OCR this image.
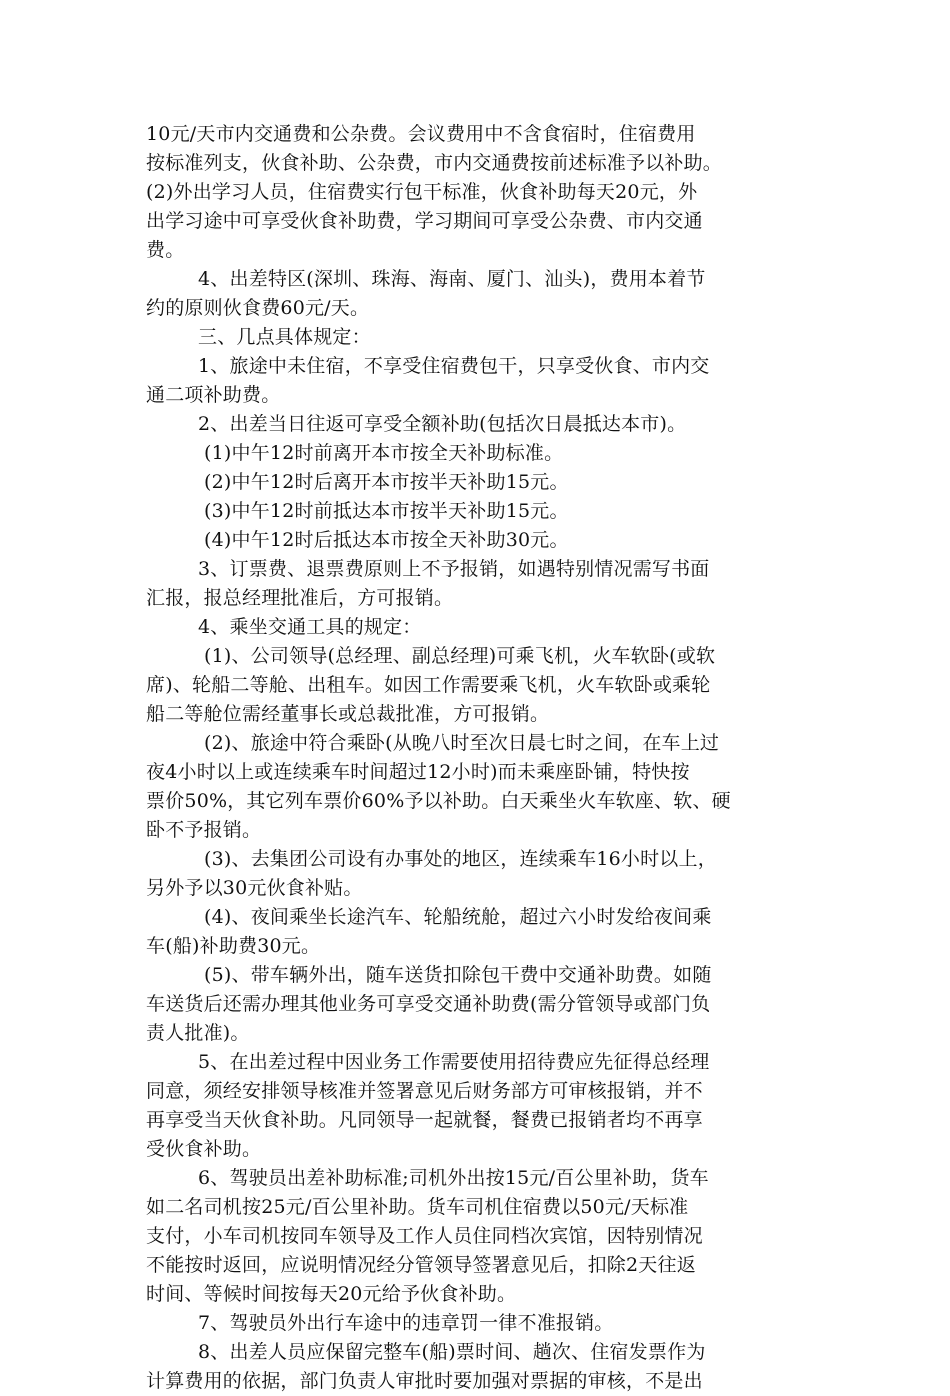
10元/天市内交通费和公杂费。会议费用中不含食宿时，住宿费用
按标准列支，伙食补助、公杂费，市内交通费按前述标准予以补助。
(2)外出学习人员，住宿费实行包干标准，伙食补助每天20元，外
出学习途中可享受伙食补助费，学习期间可享受公杂费、市内交通
费。
4、出差特区(深圳、珠海、海南、厦门、汕头)，费用本着节
约的原则伙食费60元/天。
三、几点具体规定：
1、旅途中未住宿，不享受住宿费包干，只享受伙食、市内交
通二项补助费。
2、出差当日往返可享受全额补助(包括次日晨抵达本市)。
(1)中午12时前离开本市按全天补助标准。
(2)中午12时后离开本市按半天补助15元。
(3)中午12时前抵达本市按半天补助15元。
(4)中午12时后抵达本市按全天补助30元。
3、订票费、退票费原则上不予报销，如遇特别情况需写书面
汇报，报总经理批准后，方可报销。
4、乘坐交通工具的规定：
(1)、公司领导(总经理、副总经理)可乘飞机，火车软卧(或软
席)、轮船二等舱、出租车。如因工作需要乘飞机，火车软卧或乘轮
船二等舱位需经董事长或总裁批准，方可报销。
(2)、旅途中符合乘卧(从晚八时至次日晨七时之间，在车上过
夜4小时以上或连续乘车时间超过12小时)而未乘座卧铺，特快按
票价50%，其它列车票价60%予以补助。白天乘坐火车软座、软、硬
卧不予报销。
(3)、去集团公司设有办事处的地区，连续乘车16小时以上，
另外予以30元伙食补贴。
(4)、夜间乘坐长途汽车、轮船统舱，超过六小时发给夜间乘
车(船)补助费30元。
(5)、带车辆外出，随车送货扣除包干费中交通补助费。如随
车送货后还需办理其他业务可享受交通补助费(需分管领导或部门负
责人批准)。
5、在出差过程中因业务工作需要使用招待费应先征得总经理
同意，须经安排领导核准并签署意见后财务部方可审核报销，并不
再享受当天伙食补助。凡同领导一起就餐，餐费已报销者均不再享
受伙食补助。
6、驾驶员出差补助标准;司机外出按15元/百公里补助，货车
如二名司机按25元/百公里补助。货车司机住宿费以50元/天标准
支付，小车司机按同车领导及工作人员住同档次宾馆，因特别情况
不能按时返回，应说明情况经分管领导签署意见后，扣除2天往返
时间、等候时间按每天20元给予伙食补助。
7、驾驶员外出行车途中的违章罚一律不准报销。
8、出差人员应保留完整车(船)票时间、趟次、住宿发票作为
计算费用的依据，部门负责人审批时要加强对票据的审核，不是出
